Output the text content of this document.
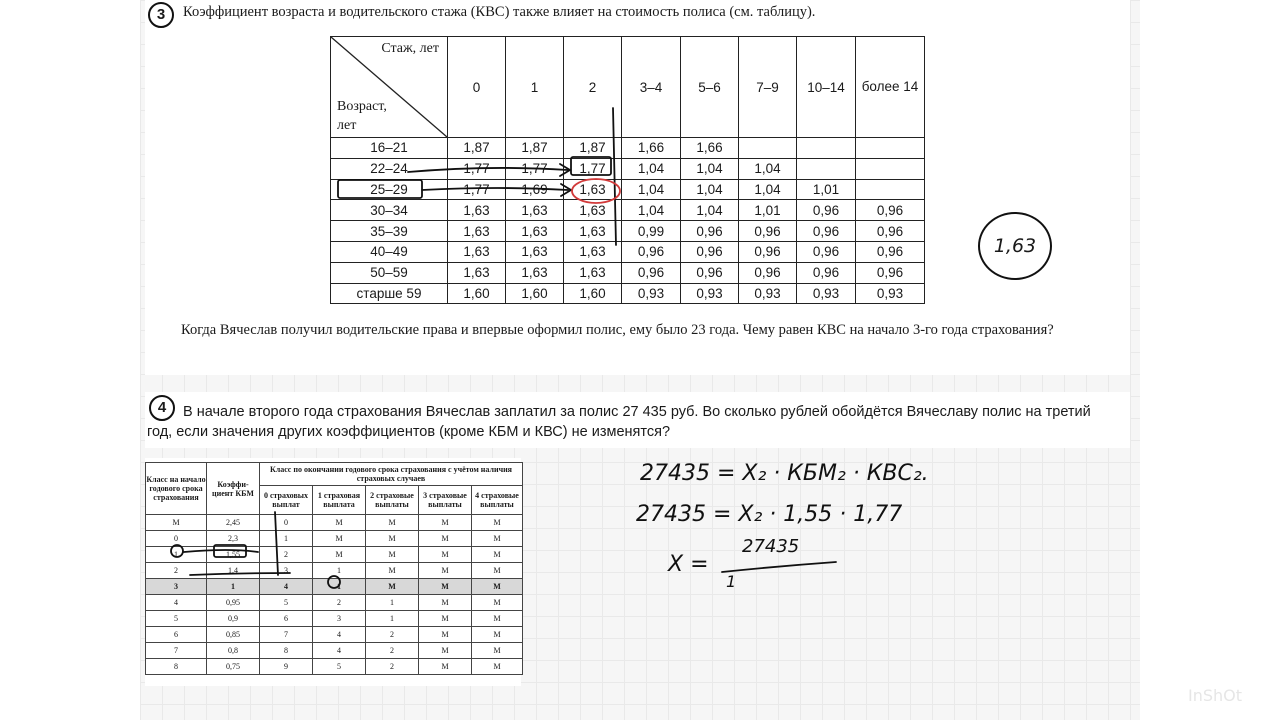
3	Коэффициент возраста и водительского стажа (КВС) также влияет на стоимость полиса (см. таблицу).
Стаж, лет
Возраст, лет	0	1	2	3–4	5–6	7–9	10–14	более 14
16–21	1,87	1,87	1,87	1,66	1,66			
22–24	1,77	1,77	1,77	1,04	1,04	1,04		
25–29	1,77	1,69	1,63	1,04	1,04	1,04	1,01	
30–34	1,63	1,63	1,63	1,04	1,04	1,01	0,96	0,96
35–39	1,63	1,63	1,63	0,99	0,96	0,96	0,96	0,96
40–49	1,63	1,63	1,63	0,96	0,96	0,96	0,96	0,96
50–59	1,63	1,63	1,63	0,96	0,96	0,96	0,96	0,96
старше 59	1,60	1,60	1,60	0,93	0,93	0,93	0,93	0,93
Когда Вячеслав получил водительские права и впервые оформил полис, ему было 23 года. Чему равен КВС на начало 3-го года страхования?
1,63
4	В начале второго года страхования Вячеслав заплатил за полис 27 435 руб. Во сколько рублей обойдётся Вячеславу полис на третий год, если значения других коэффициентов (кроме КБМ и КВС) не изменятся?
Класс на начало годового срока страхования	Коэффи-циент КБМ	Класс по окончании годового срока страхования с учётом наличия страховых случаев				
		0 страховых выплат	1 страховая выплата	2 страховые выплаты	3 страховые выплаты	4 страховые выплаты
М	2,45	0	М	М	М	М
0	2,3	1	М	М	М	М
1	1,55	2	М	М	М	М
2	1,4	3	1	М	М	М
3	1	4	1	М	М	М
4	0,95	5	2	1	М	М
5	0,9	6	3	1	М	М
6	0,85	7	4	2	М	М
7	0,8	8	4	2	М	М
8	0,75	9	5	2	М	М
27435 = X₂ · КБМ₂ · КВС₂.
27435 = X₂ · 1,55 · 1,77
X =
27435
1
InShOt
